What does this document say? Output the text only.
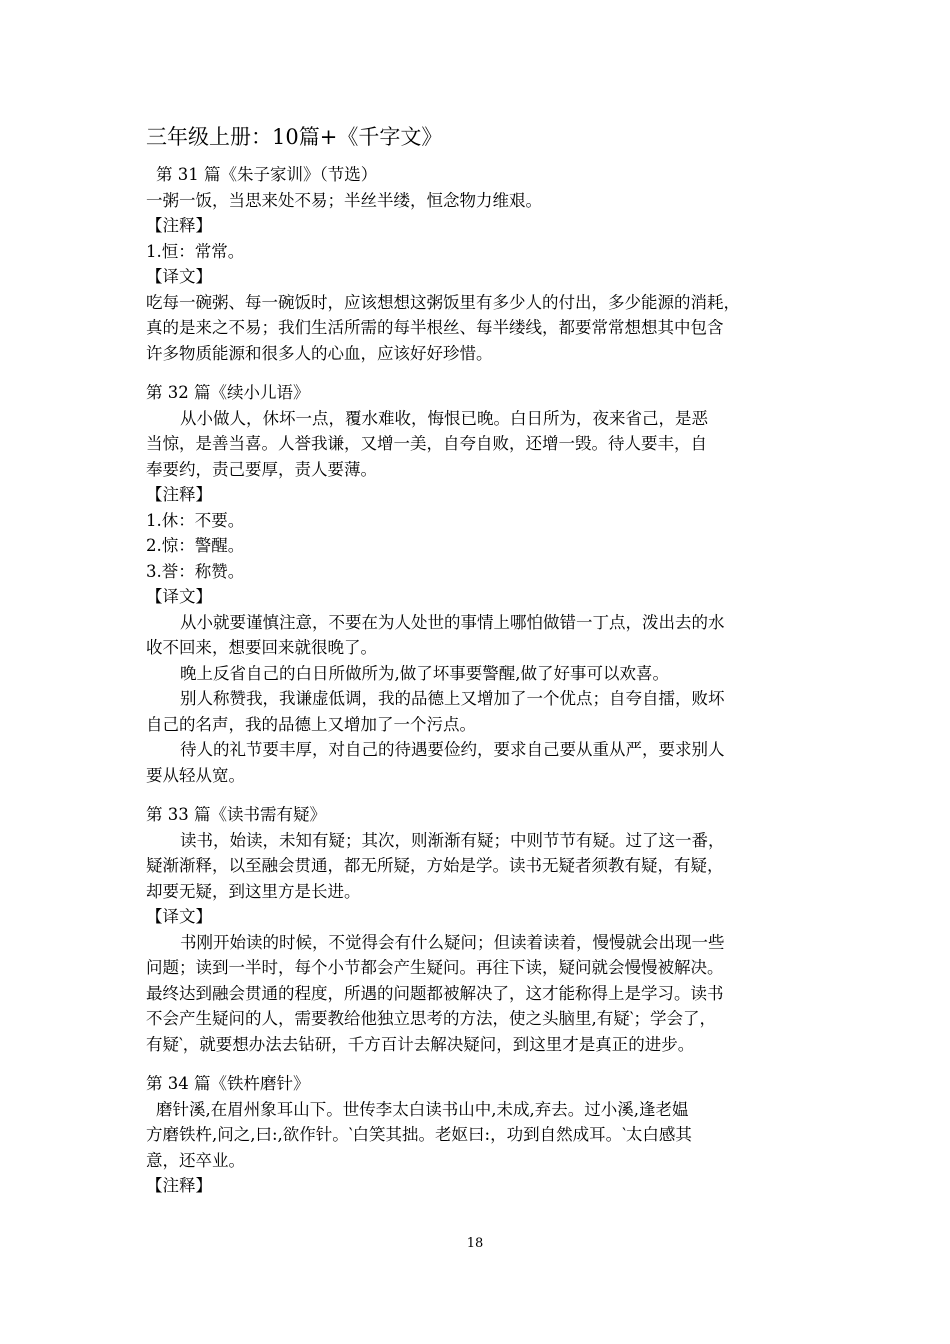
三年级上册：10篇+《千字文》
第 31 篇《朱子家训》（节选）
一粥一饭，当思来处不易；半丝半缕，恒念物力维艰。
【注释】
1.恒：常常。
【译文】
吃每一碗粥、每一碗饭时，应该想想这粥饭里有多少人的付出，多少能源的消耗，
真的是来之不易；我们生活所需的每半根丝、每半缕线，都要常常想想其中包含
许多物质能源和很多人的心血，应该好好珍惜。
第 32 篇《续小儿语》
从小做人，休坏一点，覆水难收，悔恨已晚。白日所为，夜来省己，是恶
当惊，是善当喜。人誉我谦，又增一美，自夸自败，还增一毁。待人要丰，自
奉要约，责己要厚，责人要薄。
【注释】
1.休：不要。
2.惊：警醒。
3.誉：称赞。
【译文】
从小就要谨慎注意，不要在为人处世的事情上哪怕做错一丁点，泼出去的水
收不回来，想要回来就很晚了。
晚上反省自己的白日所做所为,做了坏事要警醒,做了好事可以欢喜。
别人称赞我，我谦虚低调，我的品德上又增加了一个优点；自夸自擂，败坏
自己的名声，我的品德上又增加了一个污点。
待人的礼节要丰厚，对自己的待遇要俭约，要求自己要从重从严，要求别人
要从轻从宽。
第 33 篇《读书需有疑》
读书，始读，未知有疑；其次，则渐渐有疑；中则节节有疑。过了这一番，
疑渐渐释，以至融会贯通，都无所疑，方始是学。读书无疑者须教有疑，有疑，
却要无疑，到这里方是长进。
【译文】
书刚开始读的时候，不觉得会有什么疑问；但读着读着，慢慢就会出现一些
问题；读到一半时，每个小节都会产生疑问。再往下读，疑问就会慢慢被解决。
最终达到融会贯通的程度，所遇的问题都被解决了，这才能称得上是学习。读书
不会产生疑问的人，需要教给他独立思考的方法，使之头脑里,有疑‵；学会了，
有疑‵，就要想办法去钻研，千方百计去解决疑问，到这里才是真正的进步。
第 34 篇《铁杵磨针》
磨针溪,在眉州象耳山下。世传李太白读书山中,未成,弃去。过小溪,逢老媪
方磨铁杵,问之,曰:,欲作针。‵白笑其拙。老妪曰:，功到自然成耳。‵太白感其
意，还卒业。
【注释】
18
